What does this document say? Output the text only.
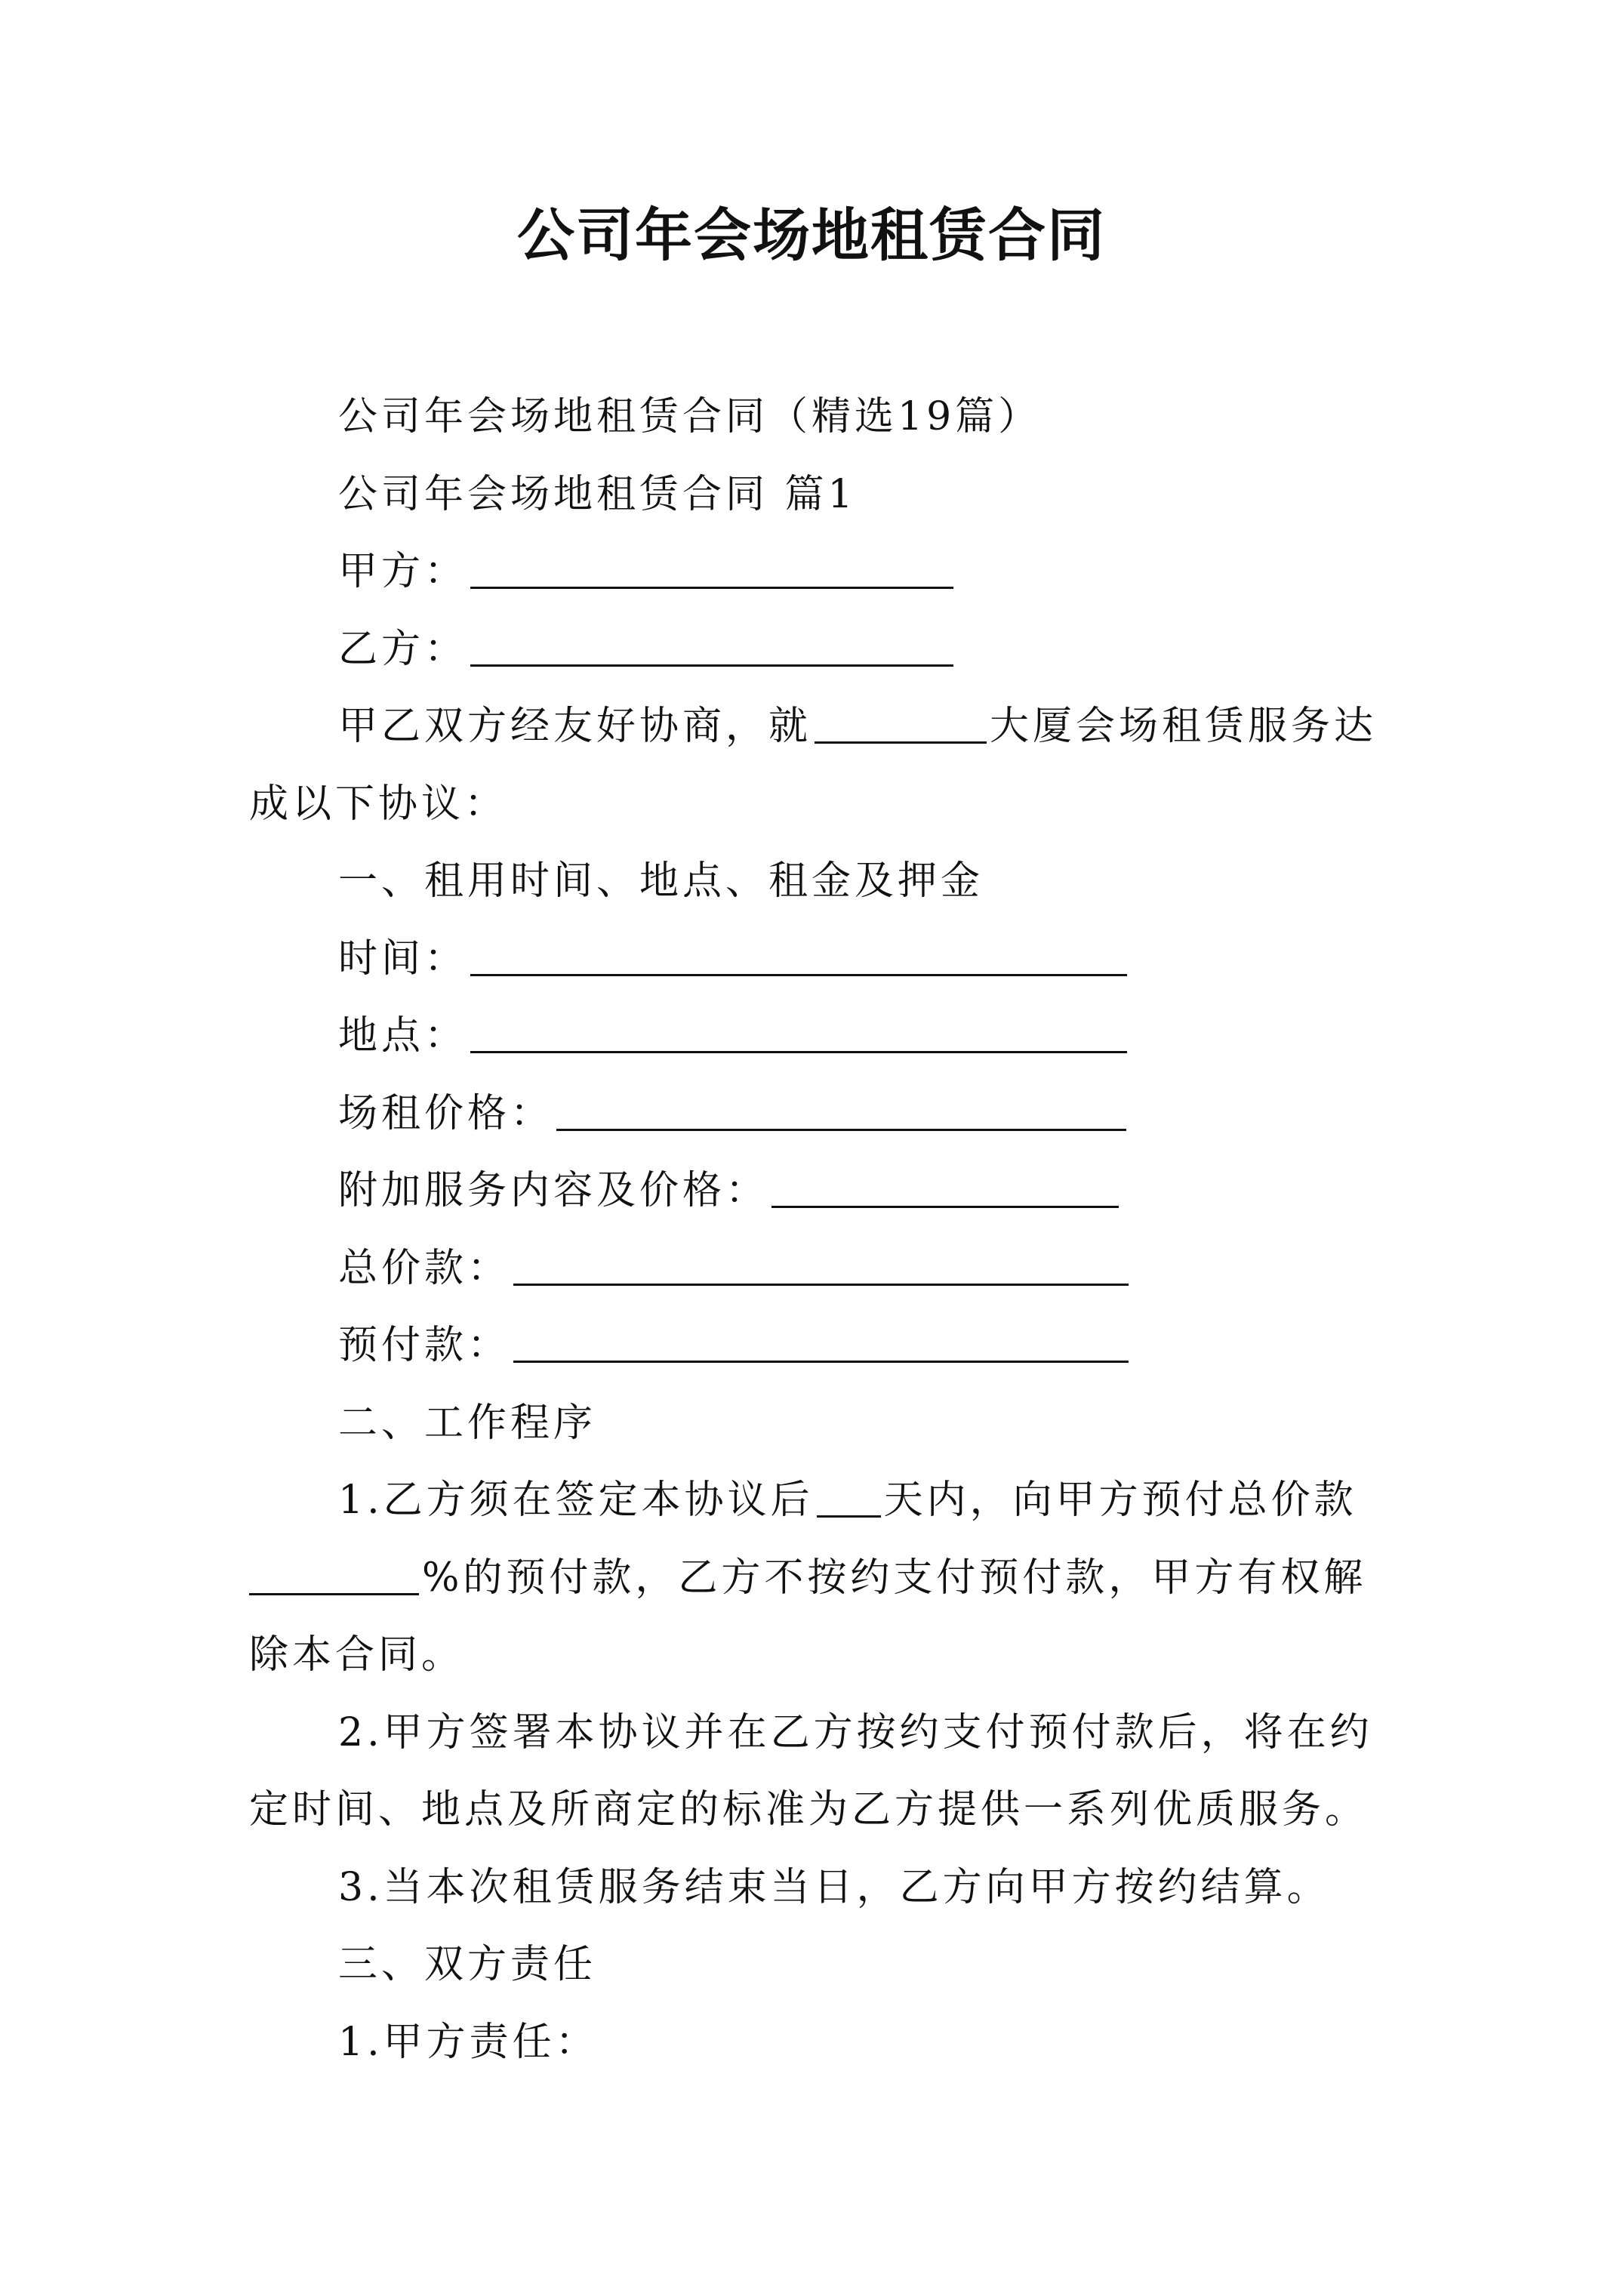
公司年会场地租赁合同
公司年会场地租赁合同（精选19篇）
公司年会场地租赁合同 篇1
甲方：
乙方：
甲乙双方经友好协商，就	大厦会场租赁服务达
成以下协议：
一、租用时间、地点、租金及押金
时间：
地点：
场租价格：
附加服务内容及价格：
总价款：
预付款：
二、工作程序
1.乙方须在签定本协议后 天内，向甲方预付总价款
%的预付款，乙方不按约支付预付款，甲方有权解
除本合同。
2.甲方签署本协议并在乙方按约支付预付款后，将在约
定时间、地点及所商定的标准为乙方提供一系列优质服务。
3.当本次租赁服务结束当日，乙方向甲方按约结算。
三、双方责任
1.甲方责任：
